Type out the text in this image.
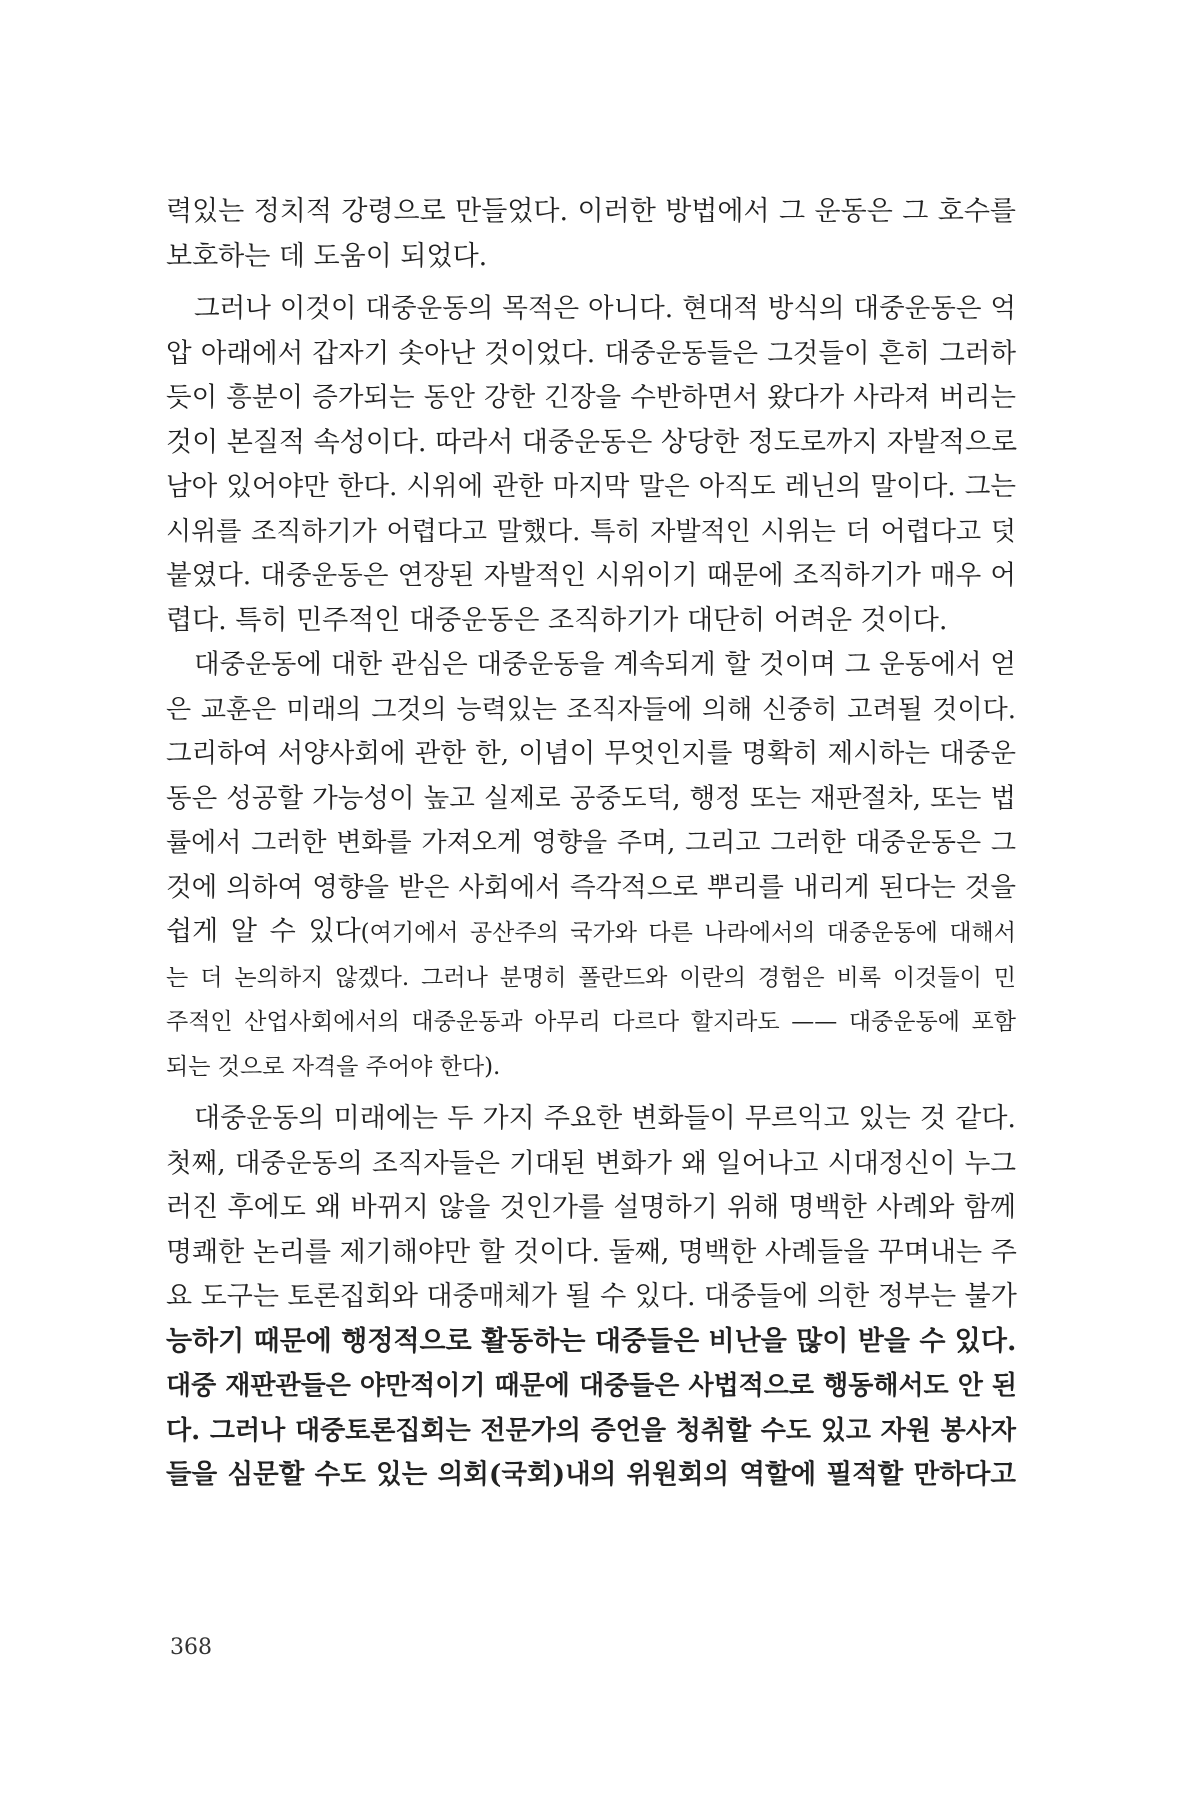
력있는 정치적 강령으로 만들었다. 이러한 방법에서 그 운동은 그 호수를
보호하는 데 도움이 되었다.
그러나 이것이 대중운동의 목적은 아니다. 현대적 방식의 대중운동은 억
압 아래에서 갑자기 솟아난 것이었다. 대중운동들은 그것들이 흔히 그러하
듯이 흥분이 증가되는 동안 강한 긴장을 수반하면서 왔다가 사라져 버리는
것이 본질적 속성이다. 따라서 대중운동은 상당한 정도로까지 자발적으로
남아 있어야만 한다. 시위에 관한 마지막 말은 아직도 레닌의 말이다. 그는
시위를 조직하기가 어렵다고 말했다. 특히 자발적인 시위는 더 어렵다고 덧
붙였다. 대중운동은 연장된 자발적인 시위이기 때문에 조직하기가 매우 어
렵다. 특히 민주적인 대중운동은 조직하기가 대단히 어려운 것이다.
대중운동에 대한 관심은 대중운동을 계속되게 할 것이며 그 운동에서 얻
은 교훈은 미래의 그것의 능력있는 조직자들에 의해 신중히 고려될 것이다.
그리하여 서양사회에 관한 한, 이념이 무엇인지를 명확히 제시하는 대중운
동은 성공할 가능성이 높고 실제로 공중도덕, 행정 또는 재판절차, 또는 법
률에서 그러한 변화를 가져오게 영향을 주며, 그리고 그러한 대중운동은 그
것에 의하여 영향을 받은 사회에서 즉각적으로 뿌리를 내리게 된다는 것을
쉽게 알 수 있다(여기에서 공산주의 국가와 다른 나라에서의 대중운동에 대해서
는 더 논의하지 않겠다. 그러나 분명히 폴란드와 이란의 경험은 비록 이것들이 민
주적인 산업사회에서의 대중운동과 아무리 다르다 할지라도 —— 대중운동에 포함
되는 것으로 자격을 주어야 한다).
대중운동의 미래에는 두 가지 주요한 변화들이 무르익고 있는 것 같다.
첫째, 대중운동의 조직자들은 기대된 변화가 왜 일어나고 시대정신이 누그
러진 후에도 왜 바뀌지 않을 것인가를 설명하기 위해 명백한 사례와 함께
명쾌한 논리를 제기해야만 할 것이다. 둘째, 명백한 사례들을 꾸며내는 주
요 도구는 토론집회와 대중매체가 될 수 있다. 대중들에 의한 정부는 불가
능하기 때문에 행정적으로 활동하는 대중들은 비난을 많이 받을 수 있다.
대중 재판관들은 야만적이기 때문에 대중들은 사법적으로 행동해서도 안 된
다. 그러나 대중토론집회는 전문가의 증언을 청취할 수도 있고 자원 봉사자
들을 심문할 수도 있는 의회(국회)내의 위원회의 역할에 필적할 만하다고
368
